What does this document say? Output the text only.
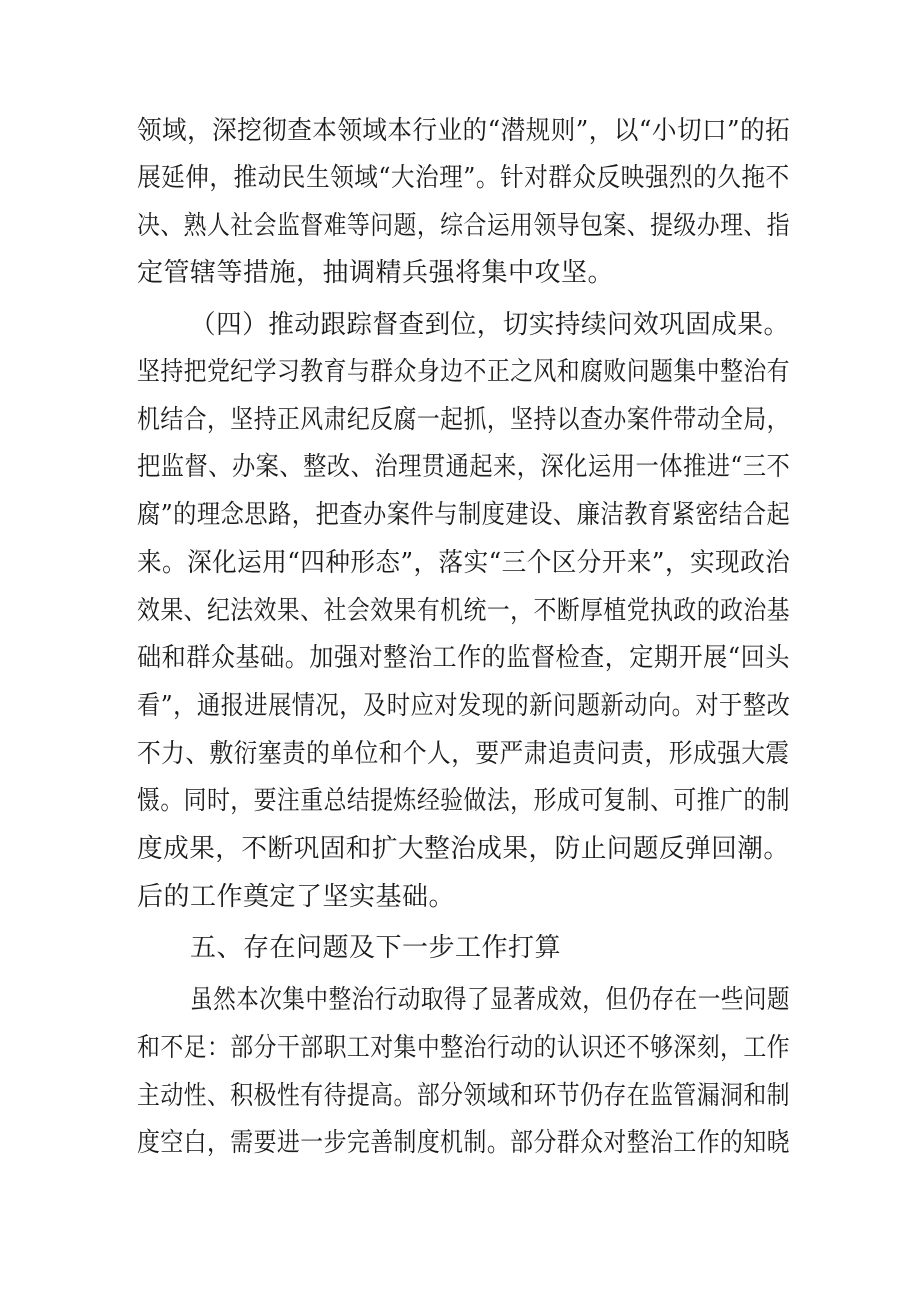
领域，深挖彻查本领域本行业的“潜规则”，以“小切口”的拓
展延伸，推动民生领域“大治理”。针对群众反映强烈的久拖不
决、熟人社会监督难等问题，综合运用领导包案、提级办理、指
定管辖等措施，抽调精兵强将集中攻坚。
（四）推动跟踪督查到位，切实持续问效巩固成果。
坚持把党纪学习教育与群众身边不正之风和腐败问题集中整治有
机结合，坚持正风肃纪反腐一起抓，坚持以查办案件带动全局，
把监督、办案、整改、治理贯通起来，深化运用一体推进“三不
腐”的理念思路，把查办案件与制度建设、廉洁教育紧密结合起
来。深化运用“四种形态”，落实“三个区分开来”，实现政治
效果、纪法效果、社会效果有机统一，不断厚植党执政的政治基
础和群众基础。加强对整治工作的监督检查，定期开展“回头
看”，通报进展情况，及时应对发现的新问题新动向。对于整改
不力、敷衍塞责的单位和个人，要严肃追责问责，形成强大震
慑。同时，要注重总结提炼经验做法，形成可复制、可推广的制
度成果，不断巩固和扩大整治成果，防止问题反弹回潮。
后的工作奠定了坚实基础。
五、存在问题及下一步工作打算
虽然本次集中整治行动取得了显著成效，但仍存在一些问题
和不足：部分干部职工对集中整治行动的认识还不够深刻，工作
主动性、积极性有待提高。部分领域和环节仍存在监管漏洞和制
度空白，需要进一步完善制度机制。部分群众对整治工作的知晓
